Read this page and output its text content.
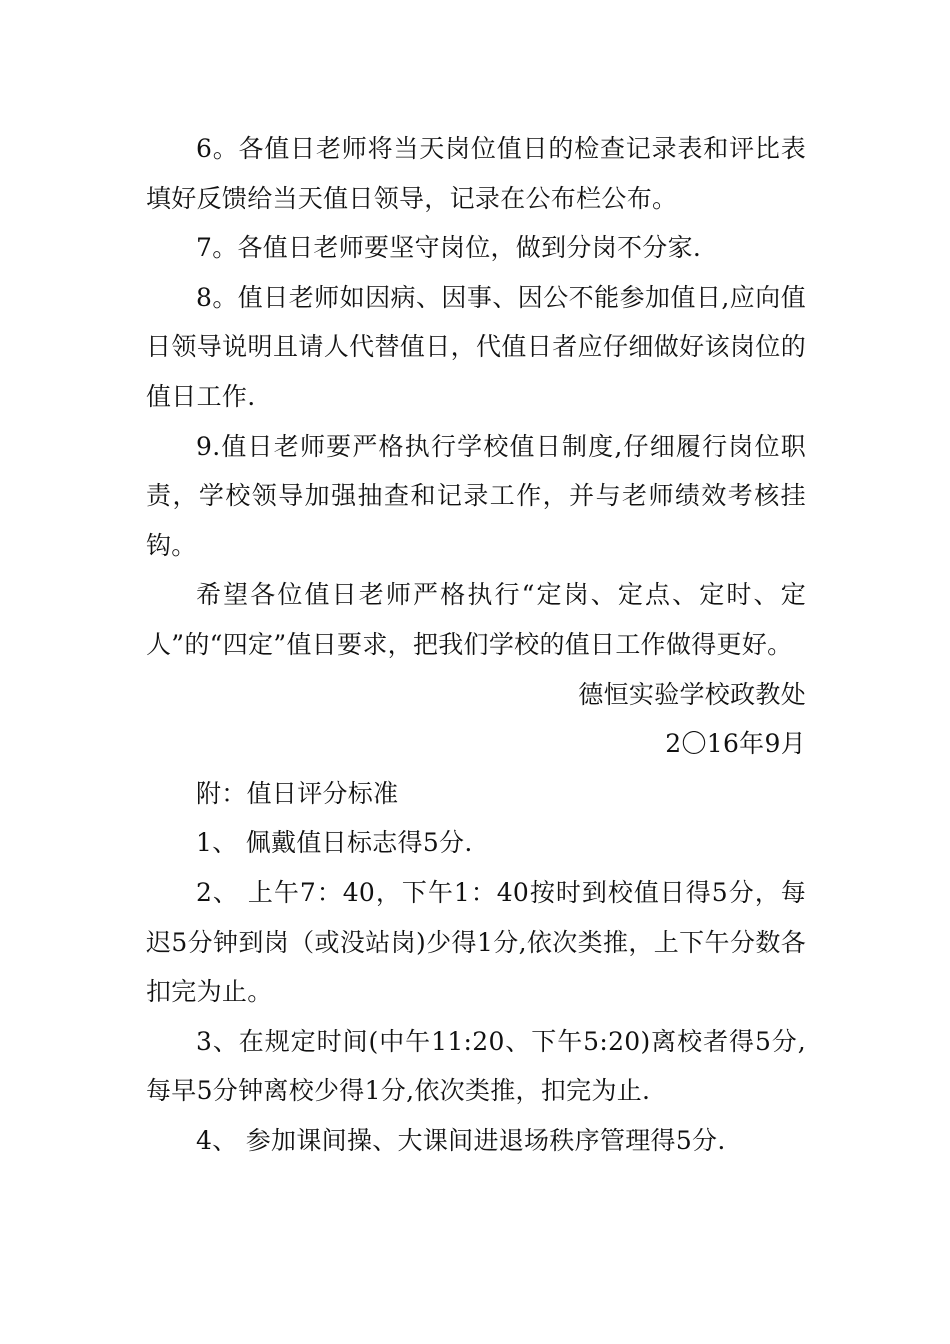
6。各值日老师将当天岗位值日的检查记录表和评比表填好反馈给当天值日领导，记录在公布栏公布。

7。各值日老师要坚守岗位，做到分岗不分家.

8。值日老师如因病、因事、因公不能参加值日,应向值日领导说明且请人代替值日，代值日者应仔细做好该岗位的值日工作.

9.值日老师要严格执行学校值日制度,仔细履行岗位职责，学校领导加强抽查和记录工作，并与老师绩效考核挂钩。

希望各位值日老师严格执行“定岗、定点、定时、定人”的“四定”值日要求，把我们学校的值日工作做得更好。

德恒实验学校政教处

2〇16年9月

附：值日评分标准

1、 佩戴值日标志得5分.

2、 上午7：40，下午1：40按时到校值日得5分，每迟5分钟到岗（或没站岗)少得1分,依次类推，上下午分数各扣完为止。

3、在规定时间(中午11:20、下午5:20)离校者得5分,每早5分钟离校少得1分,依次类推，扣完为止.

4、 参加课间操、大课间进退场秩序管理得5分.
